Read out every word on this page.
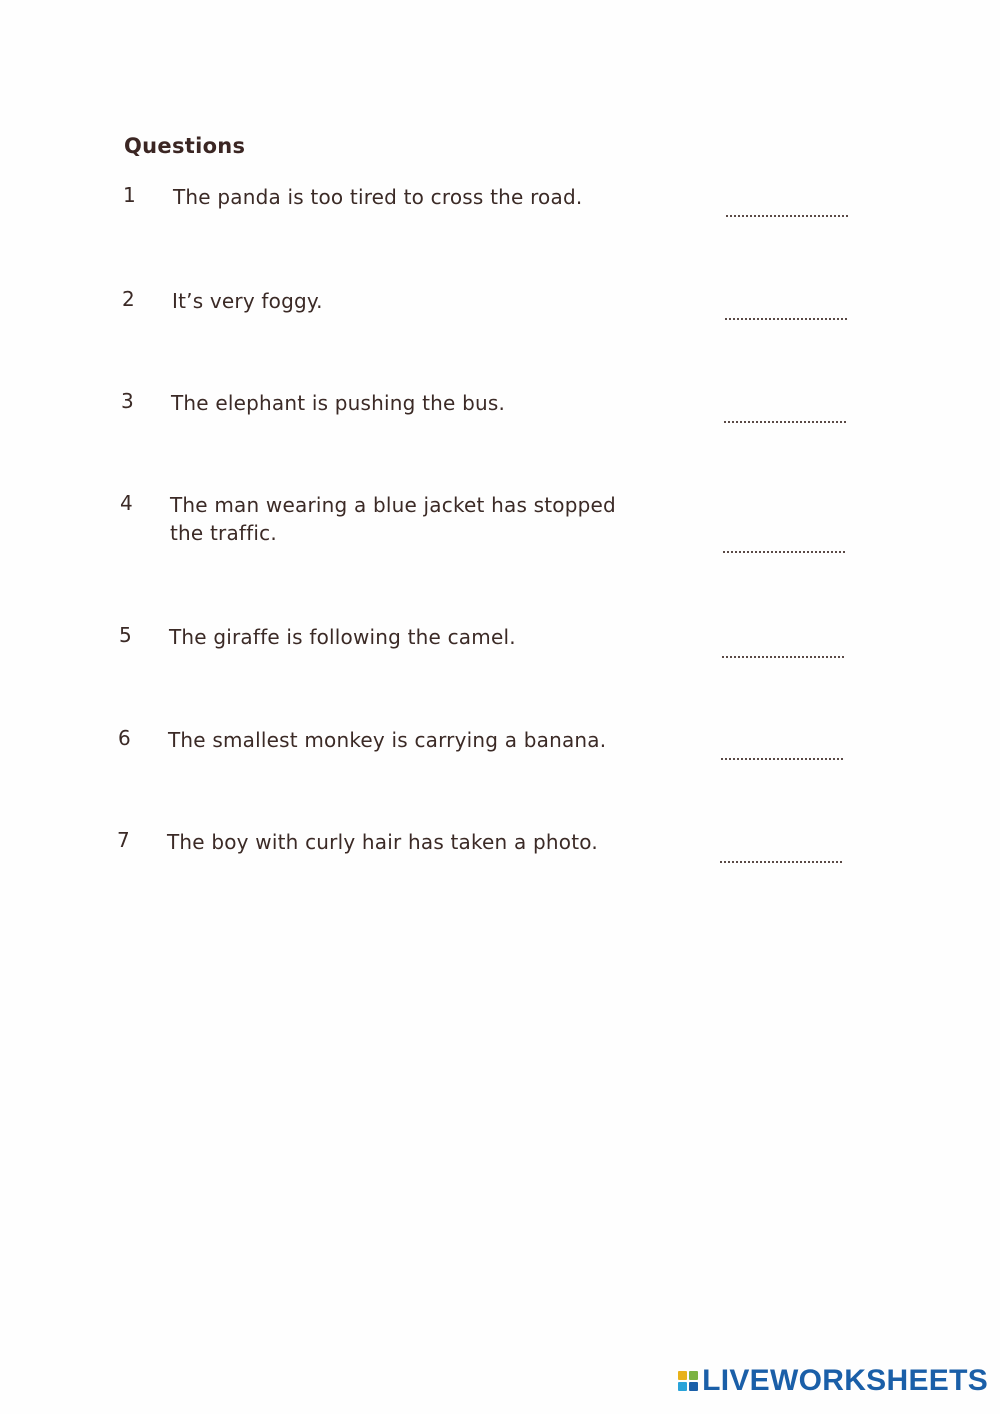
Questions
1 The panda is too tired to cross the road.
2 It’s very foggy.
3 The elephant is pushing the bus.
4 The man wearing a blue jacket has stopped the traffic.
5 The giraffe is following the camel.
6 The smallest monkey is carrying a banana.
7 The boy with curly hair has taken a photo.
LIVEWORKSHEETS
